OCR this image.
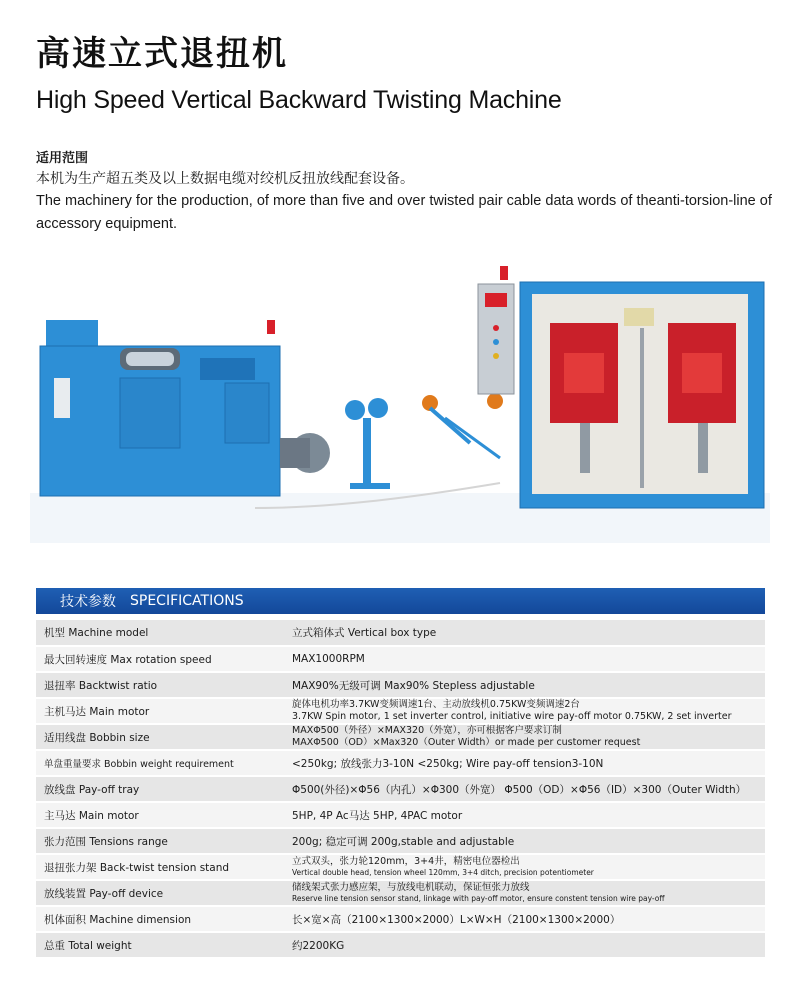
高速立式退扭机
High Speed Vertical Backward Twisting Machine
适用范围
本机为生产超五类及以上数据电缆对绞机反扭放线配套设备。
The machinery for the production, of more than five and over twisted pair cable data words of theanti-torsion-line of accessory equipment.
技术参数 SPECIFICATIONS
机型 Machine model	立式箱体式 Vertical box type
最大回转速度 Max rotation speed	MAX1000RPM
退扭率 Backtwist ratio	MAX90%无级可调 Max90% Stepless adjustable
主机马达 Main motor	旋体电机功率3.7KW变频调速1台、主动放线机0.75KW变频调速2台
3.7KW Spin motor, 1 set inverter control, initiative wire pay-off motor 0.75KW, 2 set inverter

适用线盘 Bobbin size	MAXΦ500（外径）×MAX320（外宽），亦可根据客户要求订制
MAXΦ500（OD）×Max320（Outer Width）or made per customer request

单盘重量要求 Bobbin weight requirement	<250kg; 放线张力3-10N <250kg; Wire pay-off tension3-10N
放线盘 Pay-off tray	Φ500(外径)×Φ56（内孔）×Φ300（外宽） Φ500（OD）×Φ56（ID）×300（Outer Width）
主马达 Main motor	5HP, 4P Ac马达 5HP, 4PAC motor
张力范围 Tensions range	200g; 稳定可调 200g,stable and adjustable
退扭张力架 Back-twist tension stand	立式双头，张力轮120mm，3+4井，精密电位器检出
Vertical double head, tension wheel 120mm, 3+4 ditch, precision potentiometer

放线装置 Pay-off device	储线架式张力感应架，与放线电机联动，保证恒张力放线
Reserve line tension sensor stand, linkage with pay-off motor, ensure constent tension wire pay-off

机体面积 Machine dimension	长×宽×高（2100×1300×2000）L×W×H（2100×1300×2000）
总重 Total weight	约2200KG
